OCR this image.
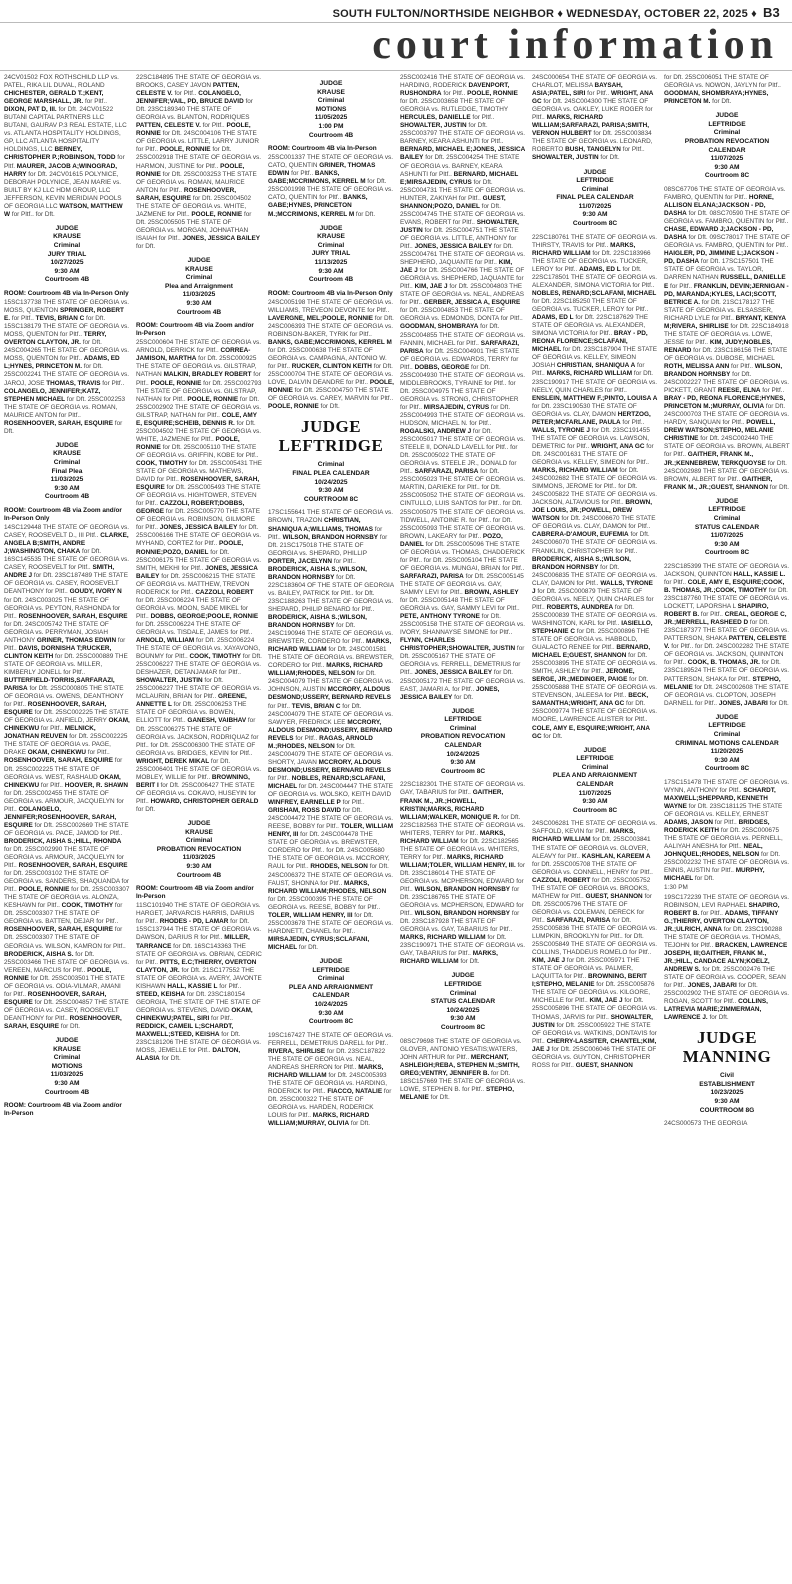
SOUTH FULTON/NORTHSIDE NEIGHBOR ♦ WEDNESDAY, OCTOBER 22, 2025 ♦ B3
court information

24CV01502 FOX ROTHSCHILD LLP vs. PATEL, RIKA LIL DUVAL, ROLAND CHICHESTER, GERALD T.;KENT, GEORGE MARSHALL, JR. for Pltf.. DIXON, PAT D, III. for Dft. 24CV01522 BUTANI CAPITAL PARTNERS LLC BUTANI, GAURAV P.3 REAL ESTATE, LLC vs. ATLANTA HOSPITALITY HOLDINGS, GP, LLC ATLANTA HOSPITALITY HOLDINGS, LLC BERNEY, CHRISTOPHER P.;ROBINSON, TODD for Pltf. MAURER, JACOB A;WINOGRAD, HARRY for Dft. 24CV01615 POLYNICE, DEBORAH POLYNICE, JEAN MARIE vs. BUILT BY KJ LLC HDM GROUP, LLC JEFFERSON, KEVIN MERIDIAN POOLS OF GEORGIA LLC WATSON, MATTHEW W for Pltf.. for Dft.

JUDGE
KRAUSE
Criminal
JURY TRIAL
10/27/2025
9:30 AM
Courtroom 4B

ROOM: Courtroom 4B via In-Person Only

15SC137738 THE STATE OF GEORGIA vs. MOSS, QUENTON SPRINGER, ROBERT E. for Pltf.. TEVIS, BRIAN C for Dft. 15SC138179 THE STATE OF GEORGIA vs. MOSS, QUENTON for Pltf.. TERRY, OVERTON CLAYTON, JR. for Dft. 24SC004265 THE STATE OF GEORGIA vs. MOSS, QUENTON for Pltf.. ADAMS, ED L;HYNES, PRINCETON M. for Dft. 25SC002241 THE STATE OF GEORGIA vs. JAROJ, JOSE THOMAS, TRAVIS for Pltf.. COLANGELO, JENNIFER;KATZ, STEPHEN MICHAEL for Dft. 25SC002253 THE STATE OF GEORGIA vs. ROMAN, MAURICE ANTON for Pltf.. ROSENHOOVER, SARAH, ESQUIRE for Dft.

JUDGE
KRAUSE
Criminal
Final Plea
11/03/2025
9:30 AM
Courtroom 4B

ROOM: Courtroom 4B via Zoom and/or In-Person Only

14SC129448 THE STATE OF GEORGIA vs. CASEY, ROOSEVELT D., III Pltf.. CLARKE, ANGELA B;SMITH, ANDRE J;WASHINGTON, CHAKA for Dft. 16SC145535 THE STATE OF GEORGIA vs. CASEY, ROOSEVELT for Pltf.. SMITH, ANDRE J for Dft. 23SC187489 THE STATE OF GEORGIA vs. CASEY, ROOSEVELT DEANTHONY for Pltf.. GOUDY, IVORY N for Dft. 24SC003025 THE STATE OF GEORGIA vs. PEYTON, RASHONDA for Pltf.. ROSENHOOVER, SARAH, ESQUIRE for Dft. 24SC005742 THE STATE OF GEORGIA vs. PERRYMAN, JOSIAH ANTHONY GRINER, THOMAS EDWIN for Pltf.. DAVIS, DORNISHA T;RUCKER, CLINTON KEITH for Dft. 25SC000889 THE STATE OF GEORGIA vs. MILLER, KIMBERLY JONELL for Pltf.. BUTTERFIELD-TORRIS,SARFARAZI, PARISA for Dft. 25SC000805 THE STATE OF GEORGIA vs. OWENS, DEANTHONY for Pltf.. ROSENHOOVER, SARAH, ESQUIRE for Dft. 25SC002225 THE STATE OF GEORGIA vs. ANFIELD, JERRY OKAM, CHINEKWU for Pltf.. MELNICK, JONATHAN REUVEN for Dft. 25SC002225 THE STATE OF GEORGIA vs. PAGE, DRAKE OKAM, CHINEKWU for Pltf.. ROSENHOOVER, SARAH, ESQUIRE for Dft. 25SC002225 THE STATE OF GEORGIA vs. WEST, RASHAUD OKAM, CHINEKWU for Pltf.. HOOVER, R. SHAWN for Dft. 25SC002455 THE STATE OF GEORGIA vs. ARMOUR, JACQUELYN for Pltf.. COLANGELO, JENNIFER;ROSENHOOVER, SARAH, ESQUIRE for Dft. 25SC002669 THE STATE OF GEORGIA vs. PACE, JAMOD for Pltf.. BRODERICK, AISHA S.;HILL, RHONDA for Dft. 25SC002990 THE STATE OF GEORGIA vs. ARMOUR, JACQUELYN for Pltf.. ROSENHOOVER, SARAH, ESQUIRE for Dft. 25SC003102 THE STATE OF GEORGIA vs. SANDERS, SHAQUANDA for Pltf.. POOLE, RONNIE for Dft. 25SC003307 THE STATE OF GEORGIA vs. ALONZA, KESHAWN for Pltf.. COOK, TIMOTHY for Dft. 25SC003307 THE STATE OF GEORGIA vs. BATTEN, DEJAR for Pltf.. ROSENHOOVER, SARAH, ESQUIRE for Dft. 25SC003307 THE STATE OF GEORGIA vs. WILSON, KAMRON for Pltf.. BRODERICK, AISHA S. for Dft. 25SC003466 THE STATE OF GEORGIA vs. VEREEN, MARCUS for Pltf.. POOLE, RONNIE for Dft. 25SC003501 THE STATE OF GEORGIA vs. ODIA-VILMAR, AMANI for Pltf.. ROSENHOOVER, SARAH, ESQUIRE for Dft. 25SC004857 THE STATE OF GEORGIA vs. CASEY, ROOSEVELT DEANTHONY for Pltf.. ROSENHOOVER, SARAH, ESQUIRE for Dft.

JUDGE
KRAUSE
Criminal
MOTIONS
11/03/2025
9:30 AM
Courtroom 4B

ROOM: Courtroom 4B via Zoom and/or In-Person

22SC184895 THE STATE OF GEORGIA vs. BROOKS, CASEY JAVON PATTEN, CELESTE V. for Pltf.. COLANGELO, JENNIFER;VAIL, PD, BRUCE DAVID for Dft. 23SC189340 THE STATE OF GEORGIA vs. BLANTON, RODRIQUES PATTEN, CELESTE V. for Pltf.. POOLE, RONNIE for Dft. 24SC004106 THE STATE OF GEORGIA vs. LITTLE, LARRY JUNIOR for Pltf.. POOLE, RONNIE for Dft. 25SC002918 THE STATE OF GEORGIA vs. HARMON, JUSTINE for Pltf.. POOLE, RONNIE for Dft. 25SC003253 THE STATE OF GEORGIA vs. ROMAN, MAURICE ANTON for Pltf.. ROSENHOOVER, SARAH, ESQUIRE for Dft. 25SC004502 THE STATE OF GEORGIA vs. WHITE, JAZMENE for Pltf.. POOLE, RONNIE for Dft. 25SC005505 THE STATE OF GEORGIA vs. MORGAN, JOHNATHAN ISAIAH for Pltf.. JONES, JESSICA BAILEY for Dft.

JUDGE
KRAUSE
Criminal
Plea and Arraignment
11/03/2025
9:30 AM
Courtroom 4B

ROOM: Courtroom 4B via Zoom and/or In-Person

25SC000604 THE STATE OF GEORGIA vs. ARNOLD, DERRICK for Pltf.. CORREA-JAMISON, MARTHA for Dft. 25SC000925 THE STATE OF GEORGIA vs. GILSTRAP, NATHAN MALKIN, BRADLEY ROBERT for Pltf.. POOLE, RONNIE for Dft. 25SC002793 THE STATE OF GEORGIA vs. GILSTRAP, NATHAN for Pltf.. POOLE, RONNIE for Dft. 25SC002902 THE STATE OF GEORGIA vs. GILSTRAP, NATHAN for Pltf.. COLE, AMY E, ESQUIRE;SCHEIB, DENNIS R. for Dft. 25SC004502 THE STATE OF GEORGIA vs. WHITE, JAZMENE for Pltf.. POOLE, RONNIE for Dft. 25SC005110 THE STATE OF GEORGIA vs. GRIFFIN, KOBE for Pltf.. COOK, TIMOTHY for Dft. 25SC005431 THE STATE OF GEORGIA vs. MATHEWS, DAVID for Pltf.. ROSENHOOVER, SARAH, ESQUIRE for Dft. 25SC005493 THE STATE OF GEORGIA vs. HIGHTOWER, STEVEN for Pltf.. CAZZOLI, ROBERT;DOBBS, GEORGE for Dft. 25SC005770 THE STATE OF GEORGIA vs. ROBINSON, GILMORE for Pltf.. JONES, JESSICA BAILEY for Dft. 25SC006166 THE STATE OF GEORGIA vs. MYHAND, CORTEZ for Pltf.. POOLE, RONNIE;POZO, DANIEL for Dft. 25SC006175 THE STATE OF GEORGIA vs. SMITH, MEKHI for Pltf.. JONES, JESSICA BAILEY for Dft. 25SC006215 THE STATE OF GEORGIA vs. MATTHEW, TREVON RODERICK for Pltf.. CAZZOLI, ROBERT for Dft. 25SC006224 THE STATE OF GEORGIA vs. MOON, SADE MIKEL for Pltf.. DOBBS, GEORGE;POOLE, RONNIE for Dft. 25SC006224 THE STATE OF GEORGIA vs. TISDALE, JAMES for Pltf.. ARNOLD, WILLIAM for Dft. 25SC006224 THE STATE OF GEORGIA vs. XAYAVONG, BOUNMY for Pltf.. COOK, TIMOTHY for Dft. 25SC006227 THE STATE OF GEORGIA vs. DESHAZER, DETANJAMAR for Pltf.. SHOWALTER, JUSTIN for Dft. 25SC006227 THE STATE OF GEORGIA vs. MCLAURIN, BRIAN for Pltf.. GREENE, ANNETTE L for Dft. 25SC006253 THE STATE OF GEORGIA vs. BOWEN, ELLIOTT for Pltf.. GANESH, VAIBHAV for Dft. 25SC006275 THE STATE OF GEORGIA vs. JACKSON, RODRIQUAZ for Pltf.. for Dft. 25SC006300 THE STATE OF GEORGIA vs. BRIDGES, KEVIN for Pltf.. WRIGHT, DEREK MIKAL for Dft. 25SC006401 THE STATE OF GEORGIA vs. MOBLEY, WILLIE for Pltf.. BROWNING, BERIT I for Dft. 25SC006427 THE STATE OF GEORGIA vs. COKAVO, HUSEYIN for Pltf.. HOWARD, CHRISTOPHER GERALD for Dft.

JUDGE
KRAUSE
Criminal
PROBATION REVOCATION
11/03/2025
9:30 AM
Courtroom 4B

ROOM: Courtroom 4B via Zoom and/or In-Person

11SC101940 THE STATE OF GEORGIA vs. HARGET, JARVARCIS HARRIS, DARIUS for Pltf.. RHODES - PD, LAMAR for Dft. 15SC137944 THE STATE OF GEORGIA vs. DAWSON, DARIUS R for Pltf.. MILLER, TARRANCE for Dft. 16SC143363 THE STATE OF GEORGIA vs. OBRIAN, CEDRIC for Pltf.. PITTS, E.C;THIERRY, OVERTON CLAYTON, JR. for Dft. 21SC177552 THE STATE OF GEORGIA vs. AVERY, JAVONTE KISHAWN HALL, KASSIE L for Pltf.. STEED, KEISHA for Dft. 23SC180154 GEORGIA, THE STATE OF THE STATE OF GEORGIA vs. STEVENS, DAVID OKAM, CHINEKWU;PATEL, SIRI for Pltf.. REDDICK, CAMEIL L;SCHARDT, MAXWELL;STEED, KEISHA for Dft. 23SC181206 THE STATE OF GEORGIA vs. MOSS, JEMELLE for Pltf.. DALTON, ALASIA for Dft.

JUDGE
KRAUSE
Criminal
MOTIONS
11/05/2025
1:00 PM
Courtroom 4B

ROOM: Courtroom 4B via In-Person

25SC001337 THE STATE OF GEORGIA vs. CATO, QUENTIN GRINER, THOMAS EDWIN for Pltf.. BANKS, GABE;MCCRIMONS, KERREL M for Dft. 25SC001998 THE STATE OF GEORGIA vs. CATO, QUENTIN for Pltf.. BANKS, GABE;HYNES, PRINCETON M.;MCCRIMONS, KERREL M for Dft.

JUDGE
KRAUSE
Criminal
JURY TRIAL
11/13/2025
9:30 AM
Courtroom 4B

ROOM: Courtroom 4B via In-Person Only

24SC005198 THE STATE OF GEORGIA vs. WILLIAMS, TREVEON DEVONTE for Pltf.. LAVERGNE, MEL;POOLE, RONNIE for Dft. 24SC006393 THE STATE OF GEORGIA vs. ROBINSON-BAKER, TYRIK for Pltf.. BANKS, GABE;MCCRIMONS, KERREL M for Dft. 25SC000638 THE STATE OF GEORGIA vs. CAMPAGNA, ANTONIO W. for Pltf.. RUCKER, CLINTON KEITH for Dft. 25SC000704 THE STATE OF GEORGIA vs. LOVE, DALVIN DEANDRE for Pltf.. POOLE, RONNIE for Dft. 25SC004750 THE STATE OF GEORGIA vs. CAREY, MARVIN for Pltf.. POOLE, RONNIE for Dft.

JUDGE
LEFTRIDGE
Criminal
FINAL PLEA CALENDAR
10/24/2025
9:30 AM
COURTROOM 8C

17SC155641 THE STATE OF GEORGIA vs. BROWN, TRAZON CHRISTIAN, SHANIQUA A;WILLIAMS, THOMAS for Pltf.. WILSON, BRANDON HORNSBY for Dft. 21SC175018 THE STATE OF GEORGIA vs. SHEPARD, PHILLIP PORTER, JACELYNN for Pltf.. BRODERICK, AISHA S.;WILSON, BRANDON HORNSBY for Dft. 22SC183604 OF THE STATE OF GEORGIA vs. BAILEY, PATRICK for Pltf.. for Dft. 23SC188263 THE STATE OF GEORGIA vs. SHEPARD, PHILIP BENARD for Pltf.. BRODERICK, AISHA S.;WILSON, BRANDON HORNSBY for Dft. 24SC190946 THE STATE OF GEORGIA vs. BREWSTER, CORDERO for Pltf.. MARKS, RICHARD WILLIAM for Dft. 24SC001581 THE STATE OF GEORGIA vs. BREWSTER, CORDERO for Pltf.. MARKS, RICHARD WILLIAM;RHODES, NELSON for Dft. 24SC004079 THE STATE OF GEORGIA vs. JOHNSON, AUSTIN MCCRORY, ALDOUS DESMOND;USSERY, BERNARD REVELS for Pltf.. TEVIS, BRIAN C for Dft. 24SC004079 THE STATE OF GEORGIA vs. SAWYER, FREDRICK LEE MCCRORY, ALDOUS DESMOND;USSERY, BERNARD REVELS for Pltf.. RAGAS, ARNOLD M.;RHODES, NELSON for Dft. 24SC004079 THE STATE OF GEORGIA vs. SHORTY, JAVAN MCCRORY, ALDOUS DESMOND;USSERY, BERNARD REVELS for Pltf.. NOBLES, RENARD;SCLAFANI, MICHAEL for Dft. 24SC004447 THE STATE OF GEORGIA vs. WOLSKO, KEITH DAVID WINFREY, EARNELLE P for Pltf.. GRISHAM, ROSS DAVID for Dft. 24SC004472 THE STATE OF GEORGIA vs. REESE, BOBBY for Pltf.. TOLER, WILLIAM HENRY, III for Dft. 24SC004478 THE STATE OF GEORGIA vs. BREWSTER, CORDERO for Pltf.. for Dft. 24SC005680 THE STATE OF GEORGIA vs. MCCRORY, RAUL for Pltf.. RHODES, NELSON for Dft. 24SC006372 THE STATE OF GEORGIA vs. FAUST, SHONNA for Pltf.. MARKS, RICHARD WILLIAM;RHODES, NELSON for Dft. 25SC000395 THE STATE OF GEORGIA vs. REESE, BOBBY for Pltf.. TOLER, WILLIAM HENRY, III for Dft. 25SC003678 THE STATE OF GEORGIA vs. HARDNETT, CHANEL for Pltf.. MIRSAJEDIN, CYRUS;SCLAFANI, MICHAEL for Dft.

JUDGE
LEFTRIDGE
Criminal
PLEA AND ARRAIGNMENT
CALENDAR
10/24/2025
9:30 AM
Courtroom 8C

19SC167427 THE STATE OF GEORGIA vs. FERRELL, DEMETRIUS DARELL for Pltf.. RIVERA, SHIRLISE for Dft. 23SC187822 THE STATE OF GEORGIA vs. NEAL, ANDREAS SHERRON for Pltf.. MARKS, RICHARD WILLIAM for Dft. 24SC005393 THE STATE OF GEORGIA vs. HARDING, RODERICK for Pltf.. FIACCO, NATALIE for Dft. 25SC000322 THE STATE OF GEORGIA vs. HARDEN, RODERICK LOUIS for Pltf.. MARKS, RICHARD WILLIAM;MURRAY, OLIVIA for Dft.

25SC002416 THE STATE OF GEORGIA vs. HARDING, RODERICK DAVENPORT, RUSHONDRA for Pltf.. POOLE, RONNIE for Dft. 25SC003658 THE STATE OF GEORGIA vs. RUTLEDGE, TIMOTHY HERCULES, DANIELLE for Pltf.. SHOWALTER, JUSTIN for Dft. 25SC003797 THE STATE OF GEORGIA vs. BARNEY, KEARA ASHUNTI for Pltf.. BERNARD, MICHAEL E;JONES, JESSICA BAILEY for Dft. 25SC004254 THE STATE OF GEORGIA vs. BARNEY, KEARA ASHUNTI for Pltf.. BERNARD, MICHAEL E;MIRSAJEDIN, CYRUS for Dft. 25SC004731 THE STATE OF GEORGIA vs. HUNTER, ZAKIYAH for Pltf.. GUEST, SHANNON;POZO, DANIEL for Dft. 25SC004745 THE STATE OF GEORGIA vs. EVANS, ROBERT for Pltf.. SHOWALTER, JUSTIN for Dft. 25SC004751 THE STATE OF GEORGIA vs. LITTLE, ANTHONY for Pltf.. JONES, JESSICA BAILEY for Dft. 25SC004761 THE STATE OF GEORGIA vs. SHEPHERD, JAQUANTE for Pltf.. KIM, JAE J for Dft. 25SC004766 THE STATE OF GEORGIA vs. SHEPHERD, JAQUANTE for Pltf.. KIM, JAE J for Dft. 25SC004803 THE STATE OF GEORGIA vs. NEAL, ANDREAS for Pltf.. GERBER, JESSICA A, ESQUIRE for Dft. 25SC004853 THE STATE OF GEORGIA vs. EDMONDS, DONTA for Pltf.. GOODMAN, SHOMBRAYA for Dft. 25SC004855 THE STATE OF GEORGIA vs. FANNIN, MICHAEL for Pltf.. SARFARAZI, PARISA for Dft. 25SC004901 THE STATE OF GEORGIA vs. EDWARDS, TERRY for Pltf.. DOBBS, GEORGE for Dft. 25SC004930 THE STATE OF GEORGIA vs. MIDDLEBROOKS, TYRAINE for Pltf.. for Dft. 25SC004975 THE STATE OF GEORGIA vs. STRONG, CHRISTOPHER for Pltf.. MIRSAJEDIN, CYRUS for Dft. 25SC004993 THE STATE OF GEORGIA vs. HUDSON, MICHAEL N. for Pltf.. ROGALSKI, ANDREW J for Dft. 25SC005017 THE STATE OF GEORGIA vs. STEELE II, DONALD LAVELL for Pltf.. for Dft. 25SC005022 THE STATE OF GEORGIA vs. STEELE JR., DONALD for Pltf.. SARFARAZI, PARISA for Dft. 25SC005023 THE STATE OF GEORGIA vs. MARTIN, DARIEKE for Pltf.. for Dft. 25SC005052 THE STATE OF GEORGIA vs. CINTULLO, LUIS SANTOS for Pltf.. for Dft. 25SC005075 THE STATE OF GEORGIA vs. TIDWELL, ANTOINE R. for Pltf.. for Dft. 25SC005093 THE STATE OF GEORGIA vs. BROWN, LAKEARY for Pltf.. POZO, DANIEL for Dft. 25SC005096 THE STATE OF GEORGIA vs. THOMAS, CHADDERICK for Pltf.. for Dft. 25SC005104 THE STATE OF GEORGIA vs. MUNGAI, BRIAN for Pltf.. SARFARAZI, PARISA for Dft. 25SC005145 THE STATE OF GEORGIA vs. GAY, SAMMY LEVI for Pltf.. BROWN, ASHLEY for Dft. 25SC005148 THE STATE OF GEORGIA vs. GAY, SAMMY LEVI for Pltf.. PETE, ANTHONY TYRONE for Dft. 25SC005158 THE STATE OF GEORGIA vs. IVORY, SHANNAYSE SIMONE for Pltf.. FLYNN, CHARLES CHRISTOPHER;SHOWALTER, JUSTIN for Dft. 25SC005167 THE STATE OF GEORGIA vs. FERRELL, DEMETRIUS for Pltf.. JONES, JESSICA BAILEY for Dft. 25SC005172 THE STATE OF GEORGIA vs. EAST, JAMARI A. for Pltf.. JONES, JESSICA BAILEY for Dft.

JUDGE
LEFTRIDGE
Criminal
PROBATION REVOCATION
CALENDAR
10/24/2025
9:30 AM
Courtroom 8C

22SC182301 THE STATE OF GEORGIA vs. GAY, TABARIUS for Pltf.. GAITHER, FRANK M., JR.;HOWELL, KRISTIN;MARKS, RICHARD WILLIAM;WALKER, MONIQUE R. for Dft. 22SC182563 THE STATE OF GEORGIA vs. WHITERS, TERRY for Pltf.. MARKS, RICHARD WILLIAM for Dft. 22SC182565 THE STATE OF GEORGIA vs. WHITERS, TERRY for Pltf.. MARKS, RICHARD WILLIAM;TOLER, WILLIAM HENRY, III. for Dft. 23SC186014 THE STATE OF GEORGIA vs. MCPHERSON, EDWARD for Pltf.. WILSON, BRANDON HORNSBY for Dft. 23SC186765 THE STATE OF GEORGIA vs. MCPHERSON, EDWARD for Pltf.. WILSON, BRANDON HORNSBY for Dft. 23SC187928 THE STATE OF GEORGIA vs. GAY, TABARIUS for Pltf.. MARKS, RICHARD WILLIAM for Dft. 23SC190971 THE STATE OF GEORGIA vs. GAY, TABARIUS for Pltf.. MARKS, RICHARD WILLIAM for Dft.

JUDGE
LEFTRIDGE
Criminal
STATUS CALENDAR
10/24/2025
9:30 AM
Courtroom 8C

08SC79698 THE STATE OF GEORGIA vs. GLOVER, ANTONIO YESATIS;WATERS, JOHN ARTHUR for Pltf.. MERCHANT, ASHLEIGH;REBA, STEPHEN M.;SMITH, GREG;VENTRY, JENNIFER B. for Dft. 18SC157669 THE STATE OF GEORGIA vs. LOWE, STEPHEN B. for Pltf.. STEPHO, MELANIE for Dft.

24SC000654 THE STATE OF GEORGIA vs. CHARLOT, MELISSA BAYSAH, ASIA;PATEL, SIRI for Pltf.. WRIGHT, ANA GC for Dft. 24SC004300 THE STATE OF GEORGIA vs. OAKLEY, LUKE ROGER for Pltf.. MARKS, RICHARD WILLIAM;SARFARAZI, PARISA;SMITH, VERNON HULBERT for Dft. 25SC003834 THE STATE OF GEORGIA vs. LEONARD, ROBERTO BUSH, TANGELYN for Pltf.. SHOWALTER, JUSTIN for Dft.

JUDGE
LEFTRIDGE
Criminal
FINAL PLEA CALENDAR
11/07/2025
9:30 AM
Courtroom 8C

22SC180761 THE STATE OF GEORGIA vs. THIRSTY, TRAVIS for Pltf.. MARKS, RICHARD WILLIAM for Dft. 22SC183966 THE STATE OF GEORGIA vs. TUCKER, LEROY for Pltf.. ADAMS, ED L for Dft. 22SC178501 THE STATE OF GEORGIA vs. ALEXANDER, SIMONA VICTORIA for Pltf.. NOBLES, RENARD;SCLAFANI, MICHAEL for Dft. 22SC185250 THE STATE OF GEORGIA vs. TUCKER, LEROY for Pltf.. ADAMS, ED L for Dft. 22SC187629 THE STATE OF GEORGIA vs. ALEXANDER, SIMONA VICTORIA for Pltf.. BRAY - PD, REONA FLORENCE;SCLAFANI, MICHAEL for Dft. 23SC187904 THE STATE OF GEORGIA vs. KELLEY, SIMEON JOSIAH CHRISTIAN, SHANIQUA A for Pltf.. MARKS, RICHARD WILLIAM for Dft. 23SC190917 THE STATE OF GEORGIA vs. NEELY, QUIN CHARLES for Pltf.. ENSLEIN, MATTHEW F.;PINTO, LOUISA A for Dft. 23SC190530 THE STATE OF GEORGIA vs. CLAY, DAMON HERTZOG, PETER;MCFARLANE, PAULA for Pltf.. WALLS, TYRONE J for Dft. 23SC191455 THE STATE OF GEORGIA vs. LAWSON, DEMETRIC for Pltf.. WRIGHT, ANA GC for Dft. 24SC001631 THE STATE OF GEORGIA vs. KELLEY, SIMEON for Pltf.. MARKS, RICHARD WILLIAM for Dft. 24SC002682 THE STATE OF GEORGIA vs. SIMMONS, JEROME for Pltf.. for Dft. 24SC005822 THE STATE OF GEORGIA vs. JACKSON, ALTAVIOUS for Pltf.. BROWN, JOE LOUIS, JR.;POWELL, DREW WATSON for Dft. 24SC006670 THE STATE OF GEORGIA vs. CLAY, DAMON for Pltf.. CABRERA-D'AMOUR, EUFEMIA for Dft. 24SC006070 THE STATE OF GEORGIA vs. FRANKLIN, CHRISTOPHER for Pltf.. BRODERICK, AISHA S.;WILSON, BRANDON HORNSBY for Dft. 24SC006835 THE STATE OF GEORGIA vs. CLAY, DAMON for Pltf.. WALLS, TYRONE J for Dft. 25SC000879 THE STATE OF GEORGIA vs. NEELY, QUIN CHARLES for Pltf.. ROBERTS, AUNDREA for Dft. 25SC000839 THE STATE OF GEORGIA vs. WASHINGTON, KARL for Pltf.. IASIELLO, STEPHANIE C for Dft. 25SC000896 THE STATE OF GEORGIA vs. HABBOLD, GUALACTO RENEE for Pltf.. BERNARD, MICHAEL E;GUEST, SHANNON for Dft. 25SC003895 THE STATE OF GEORGIA vs. SMITH, ASHLEY for Pltf.. JEROME, SERGE, JR.;MEDINGER, PAIGE for Dft. 25SC005888 THE STATE OF GEORGIA vs. STEVENSON, JALEESA for Pltf.. BECK, SAMANTHA;WRIGHT, ANA GC for Dft. 25SC009774 THE STATE OF GEORGIA vs. MOORE, LAWRENCE ALISTER for Pltf.. COLE, AMY E, ESQUIRE;WRIGHT, ANA GC for Dft.

JUDGE
LEFTRIDGE
Criminal
PLEA AND ARRAIGNMENT
CALENDAR
11/07/2025
9:30 AM
Courtroom 8C

24SC006281 THE STATE OF GEORGIA vs. SAFFOLD, KEVIN for Pltf.. MARKS, RICHARD WILLIAM for Dft. 25SC003841 THE STATE OF GEORGIA vs. GLOVER, ALEAVY for Pltf.. KASHLAN, KAREEM A for Dft. 25SC005708 THE STATE OF GEORGIA vs. CONNELL, HENRY for Pltf.. CAZZOLI, ROBERT for Dft. 25SC005752 THE STATE OF GEORGIA vs. BROOKS, MATHEW for Pltf.. GUEST, SHANNON for Dft. 25SC005796 THE STATE OF GEORGIA vs. COLEMAN, DERECK for Pltf.. SARFARAZI, PARISA for Dft. 25SC005836 THE STATE OF GEORGIA vs. LUMPKIN, BROOKLYN for Pltf.. for Dft. 25SC005849 THE STATE OF GEORGIA vs. COLLINS, THADDEUS ROMELO for Pltf.. KIM, JAE J for Dft. 25SC005971 THE STATE OF GEORGIA vs. PALMER, LAQUITTA for Pltf.. BROWNING, BERIT I;STEPHO, MELANIE for Dft. 25SC005876 THE STATE OF GEORGIA vs. KILGORE, MICHELLE for Pltf.. KIM, JAE J for Dft. 25SC005896 THE STATE OF GEORGIA vs. THOMAS, JARVIS for Pltf.. SHOWALTER, JUSTIN for Dft. 25SC005922 THE STATE OF GEORGIA vs. WATKINS, DONTAVIS for Pltf.. CHERRY-LASSITER, CHANTEL;KIM, JAE J for Dft. 25SC006046 THE STATE OF GEORGIA vs. GUYTON, CHRISTOPHER ROSS for Pltf.. GUEST, SHANNON

for Dft. 25SC006051 THE STATE OF GEORGIA vs. NOWON, JAYLYN for Pltf.. GOODMAN, SHOMBRAYA;HYNES, PRINCETON M. for Dft.

JUDGE
LEFTRIDGE
Criminal
PROBATION REVOCATION
CALENDAR
11/07/2025
9:30 AM
Courtroom 8C

08SC67706 THE STATE OF GEORGIA vs. FAMBRO, QUENTIN for Pltf.. HORNE, ALLISON ELANA;JACKSON - PD, DASHA for Dft. 08SC70590 THE STATE OF GEORGIA vs. FAMBRO, QUENTIN for Pltf.. CHASE, EDWARD J;JACKSON - PD, DASHA for Dft. 09SC78017 THE STATE OF GEORGIA vs. FAMBRO, QUENTIN for Pltf.. HAIGLER, PD, JIMMINE L;JACKSON - PD, DASHA for Dft. 17SC157501 THE STATE OF GEORGIA vs. TAYLOR, DARREN NATHAN RUSSELL, DANIELLE E for Pltf.. FRANKLIN, DEVIN;JERNIGAN - PD, MARANDA;KYLES, LACI;SCOTT, BETRICE A. for Dft. 21SC178127 THE STATE OF GEORGIA vs. ELSASSER, RICHARD LYLE for Pltf.. BRYANT, KENYA M;RIVERA, SHIRLISE for Dft. 22SC184918 THE STATE OF GEORGIA vs. LOWE, JESSE for Pltf.. KIM, JUDY;NOBLES, RENARD for Dft. 23SC186156 THE STATE OF GEORGIA vs. DUBOSE, MICHAEL ROTH, MELISSA ANN for Pltf.. WILSON, BRANDON HORNSBY for Dft. 24SC002227 THE STATE OF GEORGIA vs. PICKETT, GRANT REESE, ELNA for Pltf.. BRAY - PD, REONA FLORENCE;HYNES, PRINCETON M.;MURRAY, OLIVIA for Dft. 24SC000703 THE STATE OF GEORGIA vs. HARDY, SANQUAN for Pltf.. POWELL, DREW WATSON;STEPHO, MELANIE CHRISTINE for Dft. 24SC002440 THE STATE OF GEORGIA vs. BROWN, ALBERT for Pltf.. GAITHER, FRANK M., JR.;KENNEBREW, TERKQUOYSE for Dft. 24SC002989 THE STATE OF GEORGIA vs. BROWN, ALBERT for Pltf.. GAITHER, FRANK M., JR.;GUEST, SHANNON for Dft.

JUDGE
LEFTRIDGE
Criminal
STATUS CALENDAR
11/07/2025
9:30 AM
Courtroom 8C

22SC185399 THE STATE OF GEORGIA vs. JACKSON, QUINNTON HALL, KASSIE L. for Pltf.. COLE, AMY E, ESQUIRE;COOK, B. THOMAS, JR.;COOK, TIMOTHY for Dft. 23SC187760 THE STATE OF GEORGIA vs. LOCKETT, LAPORSHA L SHAPIRO, ROBERT B. for Pltf.. CREAL, GEORGE C, JR.;MERRELL, RASHEED D for Dft. 23SC187377 THE STATE OF GEORGIA vs. PATTERSON, SHAKA PATTEN, CELESTE V. for Pltf.. for Dft. 24SC002282 THE STATE OF GEORGIA vs. JACKSON, QUINNTON for Pltf.. COOK, B. THOMAS, JR. for Dft. 23SC189524 THE STATE OF GEORGIA vs. PATTERSON, SHAKA for Pltf.. STEPHO, MELANIE for Dft. 24SC002608 THE STATE OF GEORGIA vs. CLOPTON, JOSEPH DARNELL for Pltf.. JONES, JABARI for Dft.

JUDGE
LEFTRIDGE
Criminal
CRIMINAL MOTIONS CALENDAR
11/20/2025
9:30 AM
Courtroom 8C

17SC151478 THE STATE OF GEORGIA vs. WYNN, ANTHONY for Pltf.. SCHARDT, MAXWELL;SHEPPARD, KENNETH WAYNE for Dft. 23SC181125 THE STATE OF GEORGIA vs. KELLEY, ERNEST ADAMS, JASON for Pltf.. BRIDGES, RODERICK KEITH for Dft. 25SC000675 THE STATE OF GEORGIA vs. PERNELL, AALIYAH ANESHA for Pltf.. NEAL, JOHNQUEL;RHODES, NELSON for Dft. 25SC002232 THE STATE OF GEORGIA vs. ENNIS, AUSTIN for Pltf.. MURPHY, MICHAEL for Dft.

1:30 PM

19SC172239 THE STATE OF GEORGIA vs. ROBINSON, LEVI RAPHAEL SHAPIRO, ROBERT B. for Pltf.. ADAMS, TIFFANY G.;THIERRY, OVERTON CLAYTON, JR.;ULRICH, ANNA for Dft. 23SC190288 THE STATE OF GEORGIA vs. THOMAS, TEJOHN for Pltf.. BRACKEN, LAWRENCE JOSEPH, III;GAITHER, FRANK M., JR.;HILL, CANDACE ALYN;KOELZ, ANDREW S. for Dft. 25SC002476 THE STATE OF GEORGIA vs. COOPER, SEAN for Pltf.. JONES, JABARI for Dft. 25SC002902 THE STATE OF GEORGIA vs. ROGAN, SCOTT for Pltf.. COLLINS, LATREVIA MARIE;ZIMMERMAN, LAWRENCE J. for Dft.

JUDGE
MANNING
Civil
ESTABLISHMENT
10/23/2025
9:30 AM
COURTROOM 8G

24CS000573 THE GEORGIA
